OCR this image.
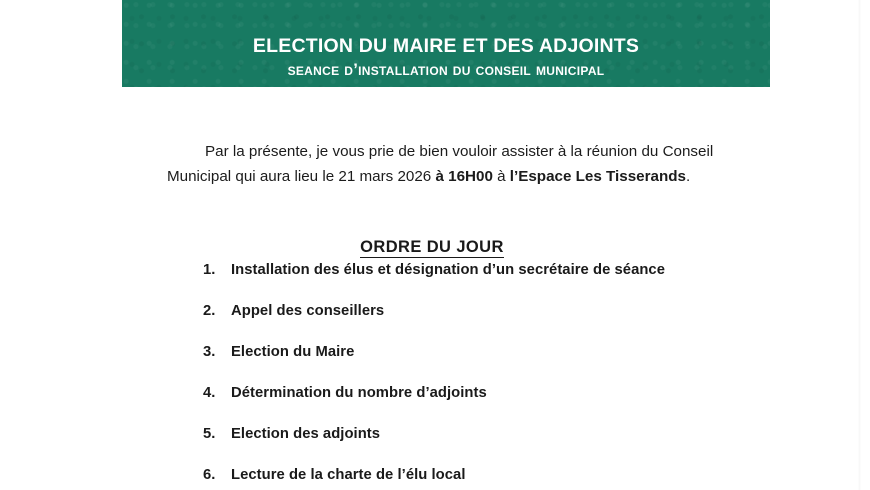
ELECTION DU MAIRE ET DES ADJOINTS
seance d’installation du conseil municipal

Par la présente, je vous prie de bien vouloir assister à la réunion du Conseil Municipal qui aura lieu le 21 mars 2026 à 16H00 à l’Espace Les Tisserands.

ORDRE DU JOUR
1.	Installation des élus et désignation d’un secrétaire de séance
2.	Appel des conseillers
3.	Election du Maire
4.	Détermination du nombre d’adjoints
5.	Election des adjoints
6.	Lecture de la charte de l’élu local
